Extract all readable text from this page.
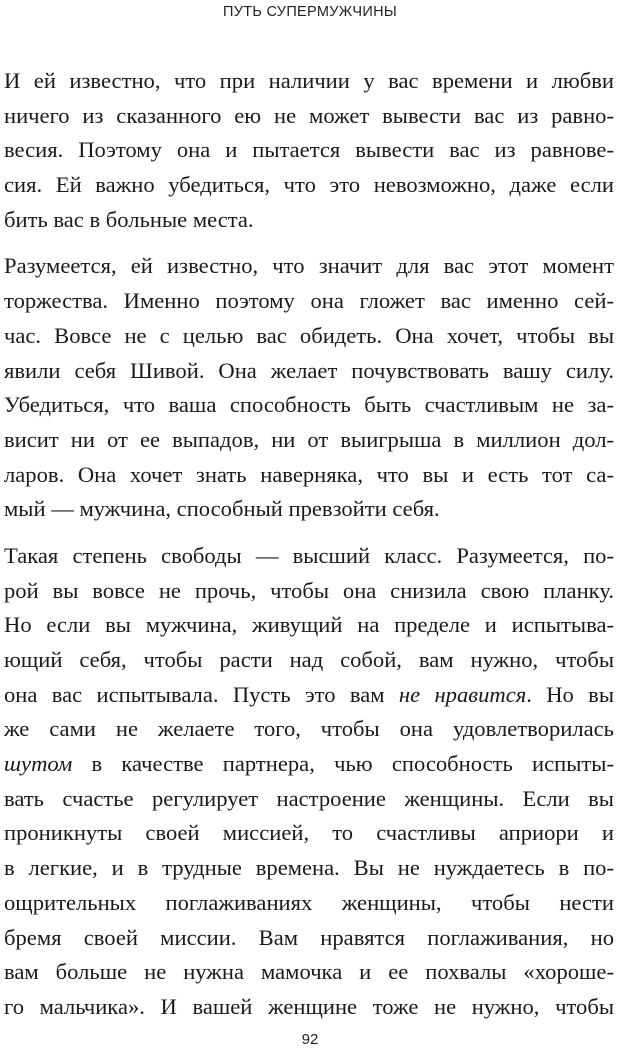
ПУТЬ СУПЕРМУЖЧИНЫ
И ей известно, что при наличии у вас времени и любви
ничего из сказанного ею не может вывести вас из равно-
весия. Поэтому она и пытается вывести вас из равнове-
сия. Ей важно убедиться, что это невозможно, даже если
бить вас в больные места.
Разумеется, ей известно, что значит для вас этот момент
торжества. Именно поэтому она гложет вас именно сей-
час. Вовсе не с целью вас обидеть. Она хочет, чтобы вы
явили себя Шивой. Она желает почувствовать вашу силу.
Убедиться, что ваша способность быть счастливым не за-
висит ни от ее выпадов, ни от выигрыша в миллион дол-
ларов. Она хочет знать наверняка, что вы и есть тот са-
мый — мужчина, способный превзойти себя.
Такая степень свободы — высший класс. Разумеется, по-
рой вы вовсе не прочь, чтобы она снизила свою планку.
Но если вы мужчина, живущий на пределе и испытыва-
ющий себя, чтобы расти над собой, вам нужно, чтобы
она вас испытывала. Пусть это вам не нравится. Но вы
же сами не желаете того, чтобы она удовлетворилась
шутом в качестве партнера, чью способность испыты-
вать счастье регулирует настроение женщины. Если вы
проникнуты своей миссией, то счастливы априори и
в легкие, и в трудные времена. Вы не нуждаетесь в по-
ощрительных поглаживаниях женщины, чтобы нести
бремя своей миссии. Вам нравятся поглаживания, но
вам больше не нужна мамочка и ее похвалы «хороше-
го мальчика». И вашей женщине тоже не нужно, чтобы
92
